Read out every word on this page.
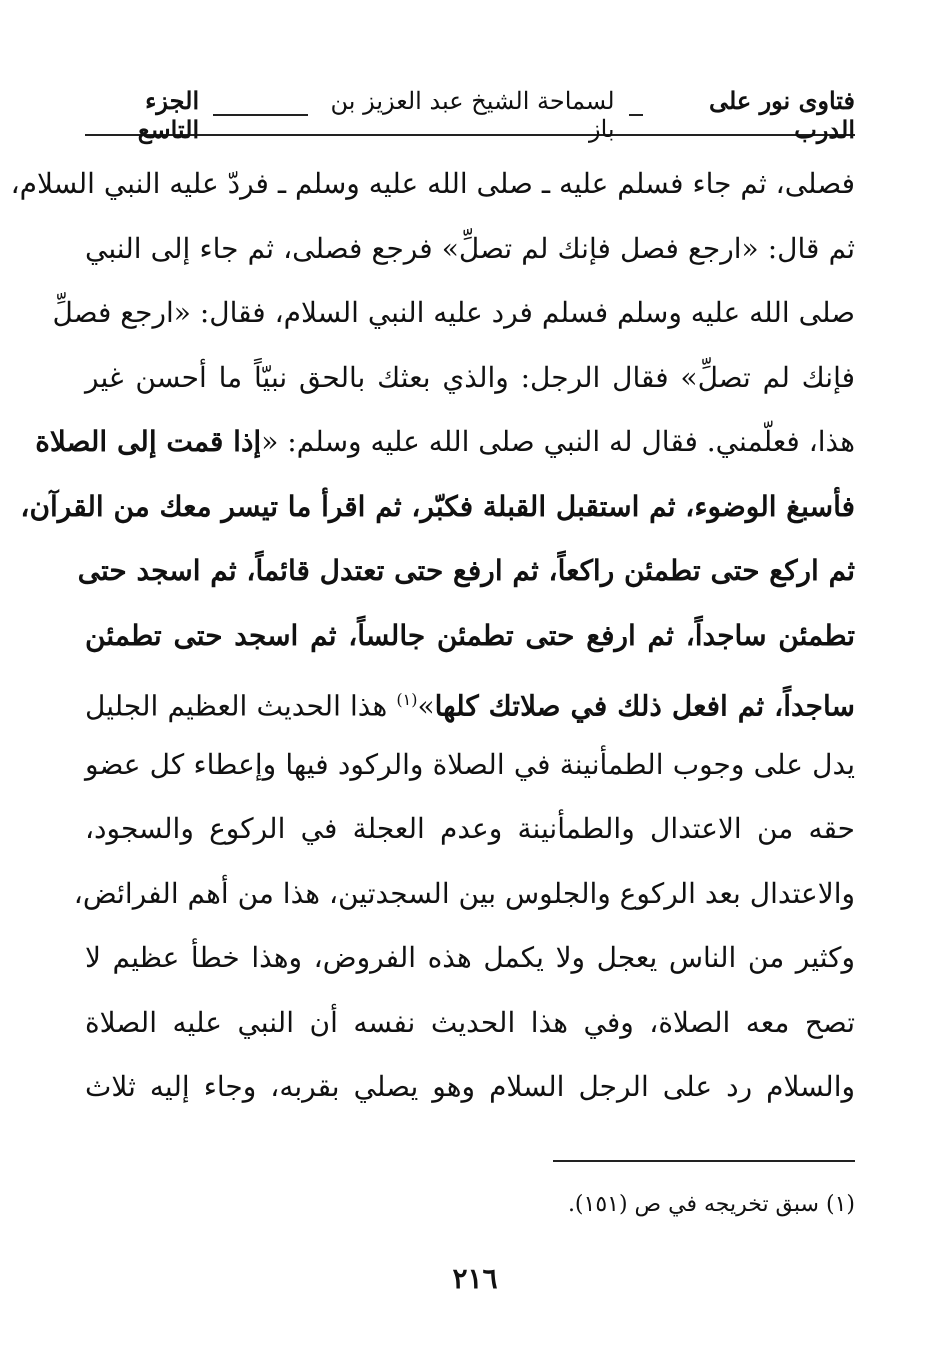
فتاوى نور على الدرب
لسماحة الشيخ عبد العزيز بن باز
الجزء التاسع
فصلى، ثم جاء فسلم عليه ـ صلى الله عليه وسلم ـ فردّ عليه النبي السلام،
ثم قال: «ارجع فصل فإنك لم تصلِّ» فرجع فصلى، ثم جاء إلى النبي
صلى الله عليه وسلم فسلم فرد عليه النبي السلام، فقال: «ارجع فصلِّ
فإنك لم تصلِّ» فقال الرجل: والذي بعثك بالحق نبيّاً ما أحسن غير
هذا، فعلّمني. فقال له النبي صلى الله عليه وسلم: «إذا قمت إلى الصلاة
فأسبغ الوضوء، ثم استقبل القبلة فكبّر، ثم اقرأ ما تيسر معك من القرآن،
ثم اركع حتى تطمئن راكعاً، ثم ارفع حتى تعتدل قائماً، ثم اسجد حتى
تطمئن ساجداً، ثم ارفع حتى تطمئن جالساً، ثم اسجد حتى تطمئن
ساجداً، ثم افعل ذلك في صلاتك كلها»$^{(١)}$ هذا الحديث العظيم الجليل
يدل على وجوب الطمأنينة في الصلاة والركود فيها وإعطاء كل عضو
حقه من الاعتدال والطمأنينة وعدم العجلة في الركوع والسجود،
والاعتدال بعد الركوع والجلوس بين السجدتين، هذا من أهم الفرائض،
وكثير من الناس يعجل ولا يكمل هذه الفروض، وهذا خطأ عظيم لا
تصح معه الصلاة، وفي هذا الحديث نفسه أن النبي عليه الصلاة
والسلام رد على الرجل السلام وهو يصلي بقربه، وجاء إليه ثلاث
(١) سبق تخريجه في ص (١٥١).
٢١٦
